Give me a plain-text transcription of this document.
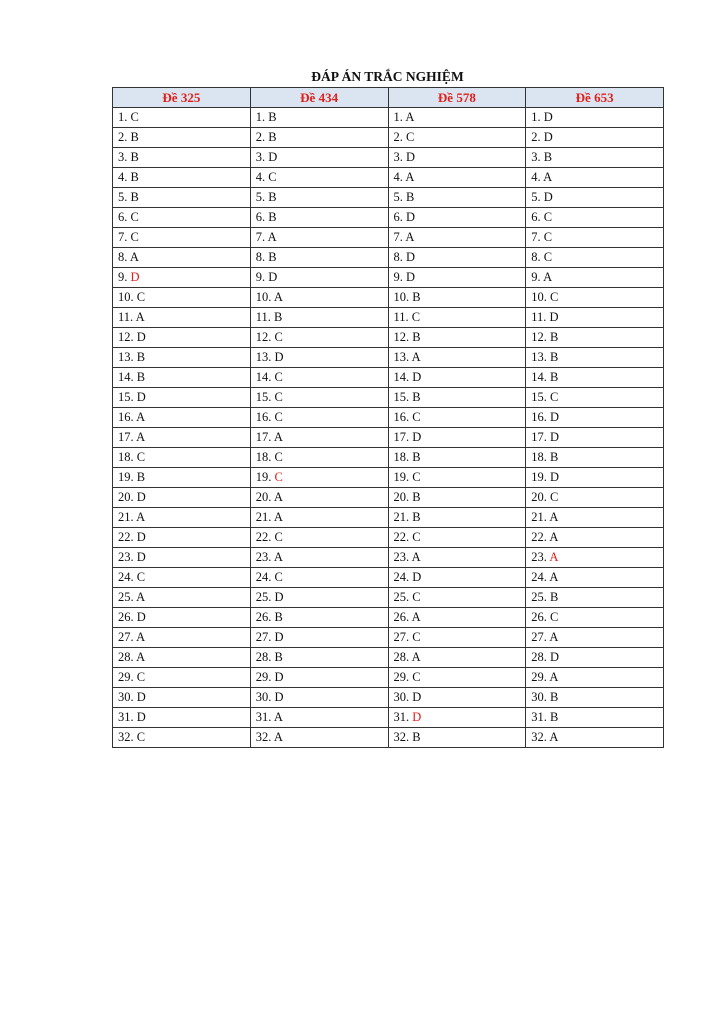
ĐÁP ÁN TRẮC NGHIỆM
Đề 325	Đề 434	Đề 578	Đề 653
1. C	1. B	1. A	1. D
2. B	2. B	2. C	2. D
3. B	3. D	3. D	3. B
4. B	4. C	4. A	4. A
5. B	5. B	5. B	5. D
6. C	6. B	6. D	6. C
7. C	7. A	7. A	7. C
8. A	8. B	8. D	8. C
9. D	9. D	9. D	9. A
10. C	10. A	10. B	10. C
11. A	11. B	11. C	11. D
12. D	12. C	12. B	12. B
13. B	13. D	13. A	13. B
14. B	14. C	14. D	14. B
15. D	15. C	15. B	15. C
16. A	16. C	16. C	16. D
17. A	17. A	17. D	17. D
18. C	18. C	18. B	18. B
19. B	19. C	19. C	19. D
20. D	20. A	20. B	20. C
21. A	21. A	21. B	21. A
22. D	22. C	22. C	22. A
23. D	23. A	23. A	23. A
24. C	24. C	24. D	24. A
25. A	25. D	25. C	25. B
26. D	26. B	26. A	26. C
27. A	27. D	27. C	27. A
28. A	28. B	28. A	28. D
29. C	29. D	29. C	29. A
30. D	30. D	30. D	30. B
31. D	31. A	31. D	31. B
32. C	32. A	32. B	32. A
